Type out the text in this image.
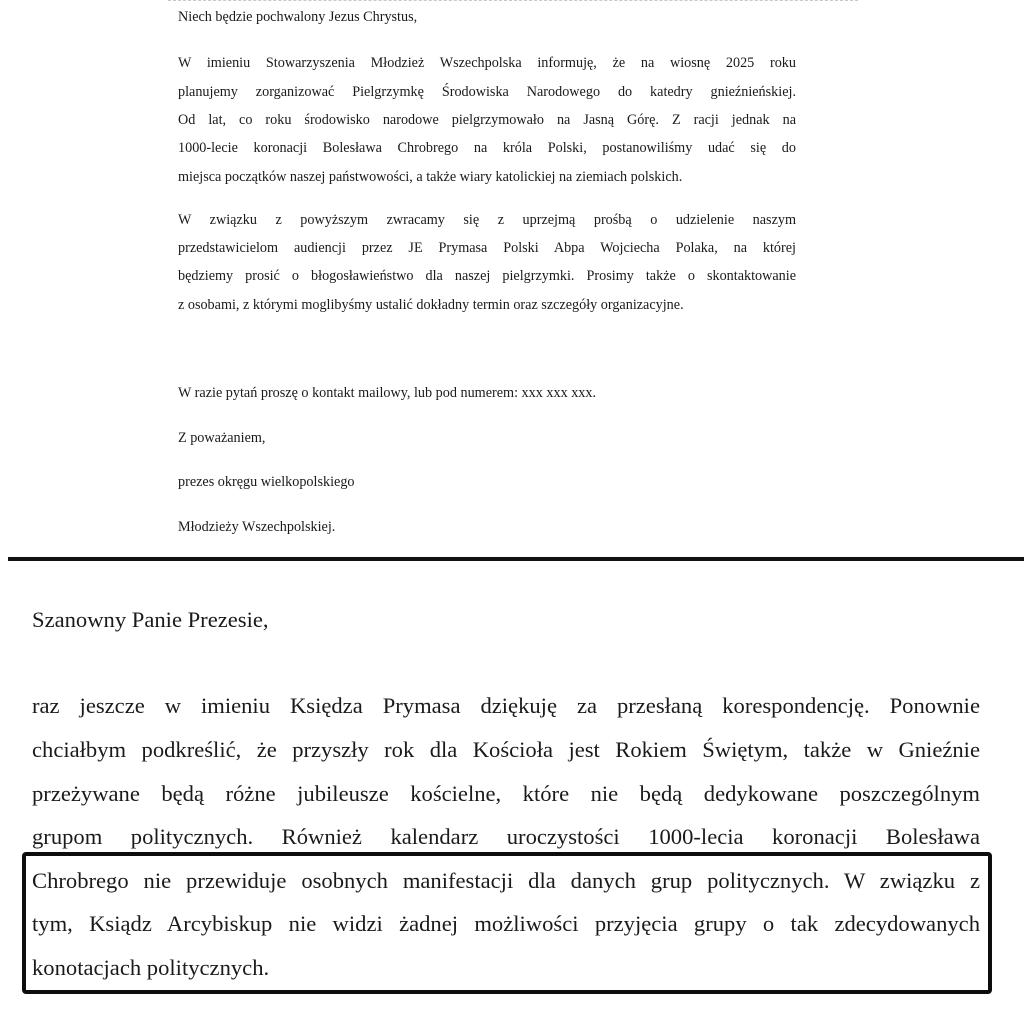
Niech będzie pochwalony Jezus Chrystus,
W imieniu Stowarzyszenia Młodzież Wszechpolska informuję, że na wiosnę 2025 roku
planujemy zorganizować Pielgrzymkę Środowiska Narodowego do katedry gnieźnieńskiej.
Od lat, co roku środowisko narodowe pielgrzymowało na Jasną Górę. Z racji jednak na
1000-lecie koronacji Bolesława Chrobrego na króla Polski, postanowiliśmy udać się do
miejsca początków naszej państwowości, a także wiary katolickiej na ziemiach polskich.
W związku z powyższym zwracamy się z uprzejmą prośbą o udzielenie naszym
przedstawicielom audiencji przez JE Prymasa Polski Abpa Wojciecha Polaka, na której
będziemy prosić o błogosławieństwo dla naszej pielgrzymki. Prosimy także o skontaktowanie
z osobami, z którymi moglibyśmy ustalić dokładny termin oraz szczegóły organizacyjne.
W razie pytań proszę o kontakt mailowy, lub pod numerem: xxx xxx xxx.
Z poważaniem,
prezes okręgu wielkopolskiego
Młodzieży Wszechpolskiej.
Szanowny Panie Prezesie,
raz jeszcze w imieniu Księdza Prymasa dziękuję za przesłaną korespondencję. Ponownie
chciałbym podkreślić, że przyszły rok dla Kościoła jest Rokiem Świętym, także w Gnieźnie
przeżywane będą różne jubileusze kościelne, które nie będą dedykowane poszczególnym
grupom politycznych. Również kalendarz uroczystości 1000-lecia koronacji Bolesława
Chrobrego nie przewiduje osobnych manifestacji dla danych grup politycznych. W związku z
tym, Ksiądz Arcybiskup nie widzi żadnej możliwości przyjęcia grupy o tak zdecydowanych
konotacjach politycznych.
